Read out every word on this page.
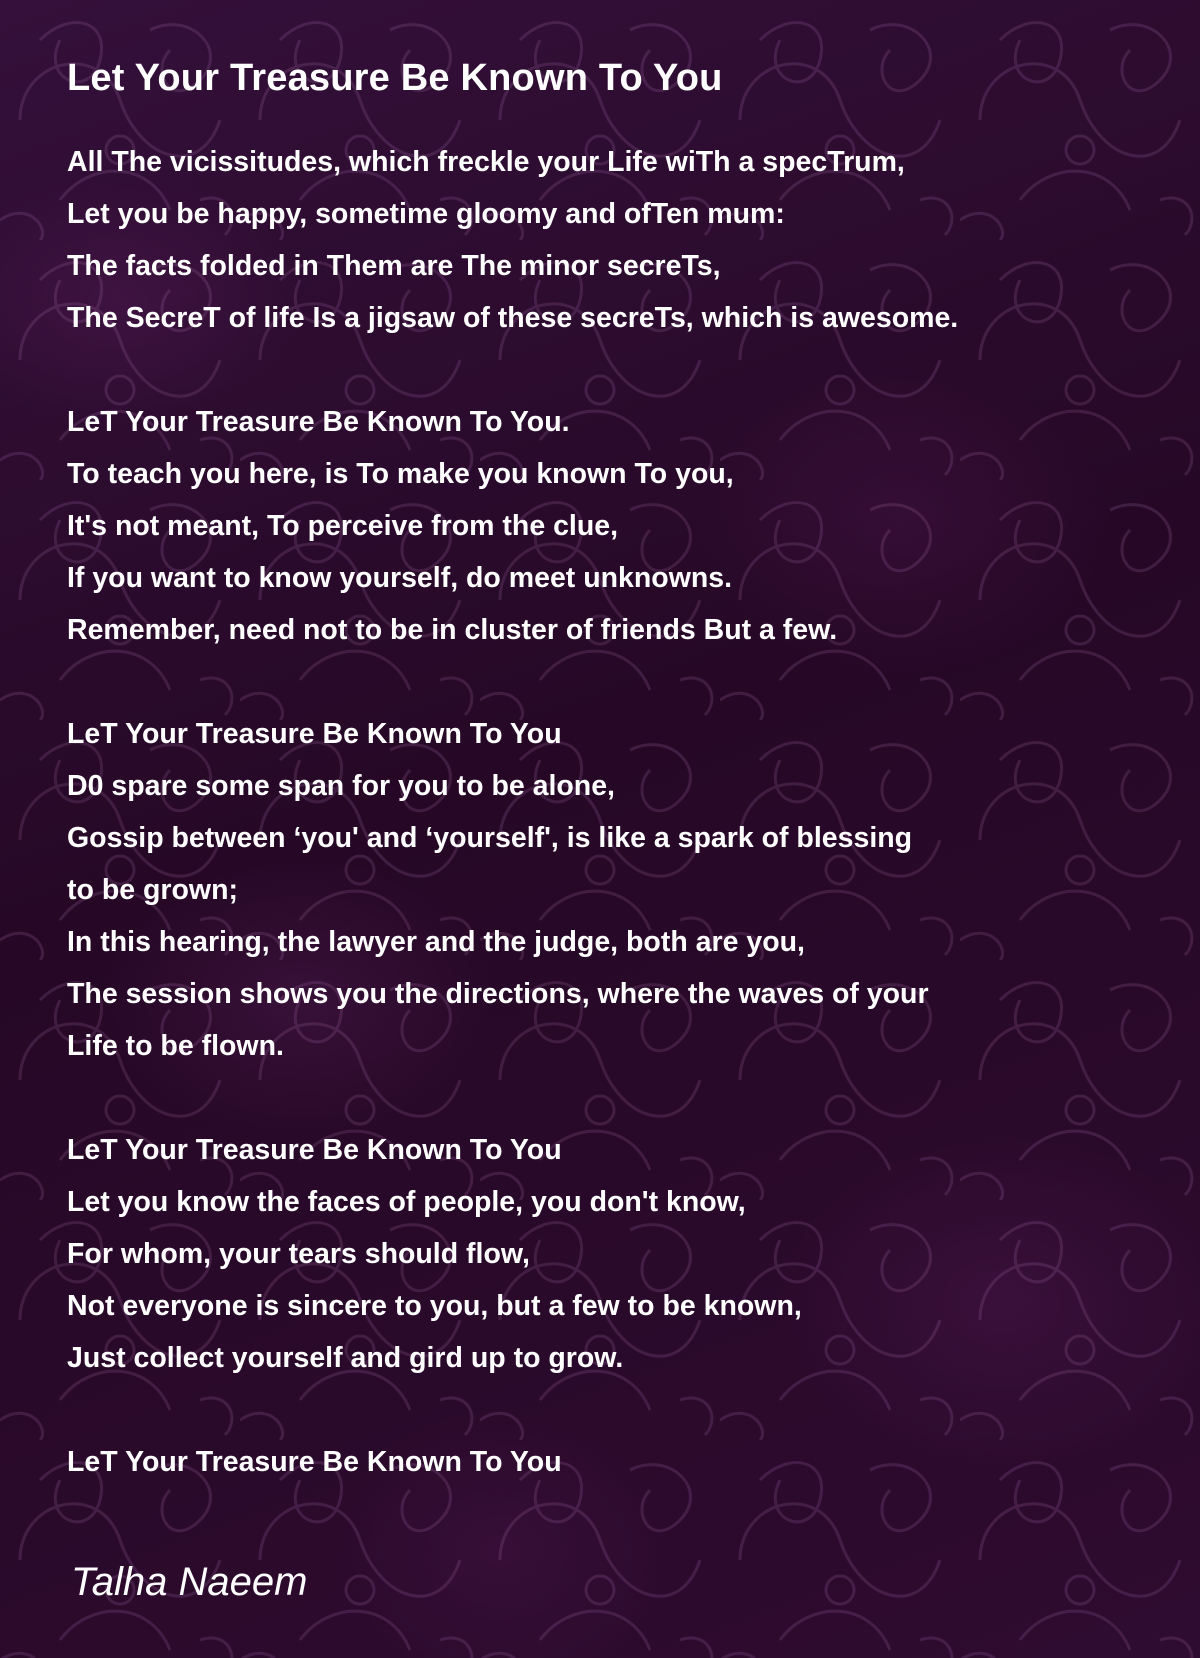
Let Your Treasure Be Known To You
All The vicissitudes, which freckle your Life wiTh a specTrum,
Let you be happy, sometime gloomy and ofTen mum:
The facts folded in Them are The minor secreTs,
The SecreT of life Is a jigsaw of these secreTs, which is awesome.
LeT Your Treasure Be Known To You.
To teach you here, is To make you known To you,
It's not meant, To perceive from the clue,
If you want to know yourself, do meet unknowns.
Remember, need not to be in cluster of friends But a few.
LeT Your Treasure Be Known To You
D0 spare some span for you to be alone,
Gossip between ‘you' and ‘yourself', is like a spark of blessing
to be grown;
In this hearing, the lawyer and the judge, both are you,
The session shows you the directions, where the waves of your
Life to be flown.
LeT Your Treasure Be Known To You
Let you know the faces of people, you don't know,
For whom, your tears should flow,
Not everyone is sincere to you, but a few to be known,
Just collect yourself and gird up to grow.
LeT Your Treasure Be Known To You
Talha Naeem
